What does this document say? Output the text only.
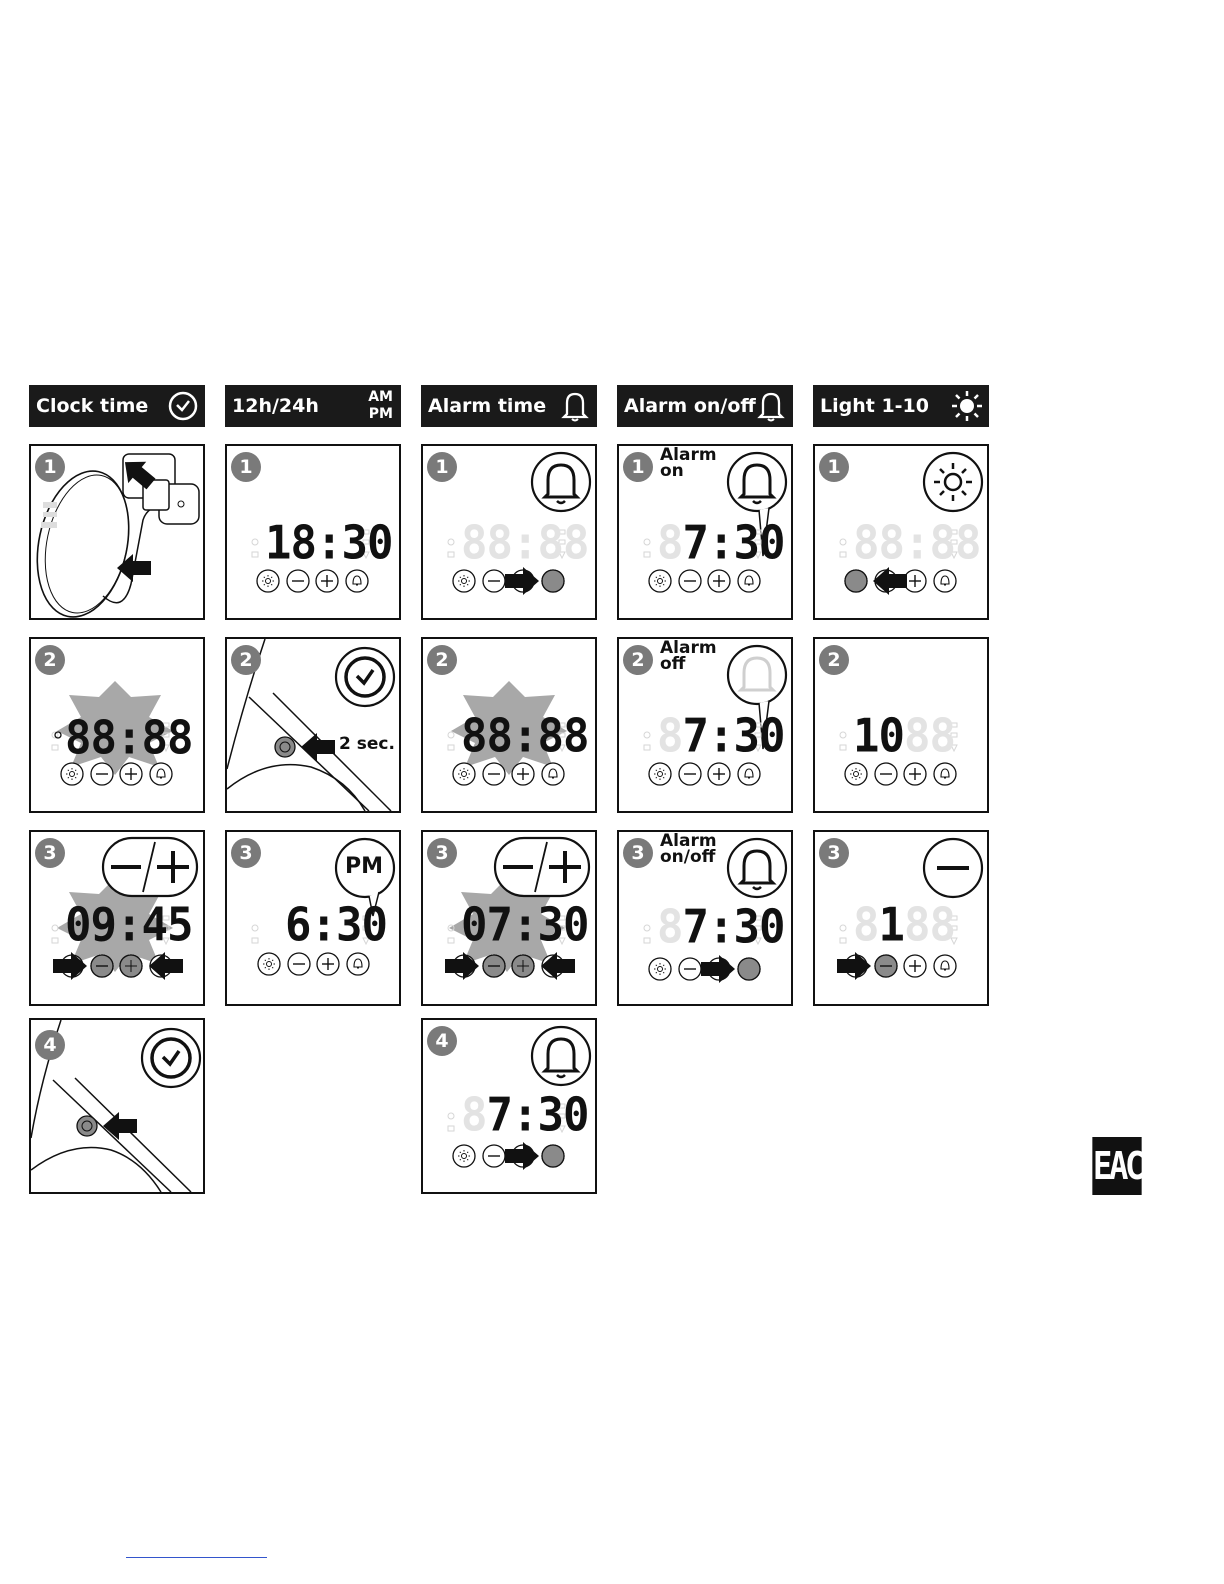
Clock time	12h/24h	AM
PM Alarm time	Alarm on/off	Light 1-10
1
2
88:88
3
09:45
4
1
18:30
2
2 sec.
3
PM
6:30
1
88:88
2
88:88
3
07:30
4
87:30
1
Alarm
on
87:30
2
Alarm
off
87:30
3
Alarm
on/off
87:30
1
88:88
2
1088
3
8188
EAC
